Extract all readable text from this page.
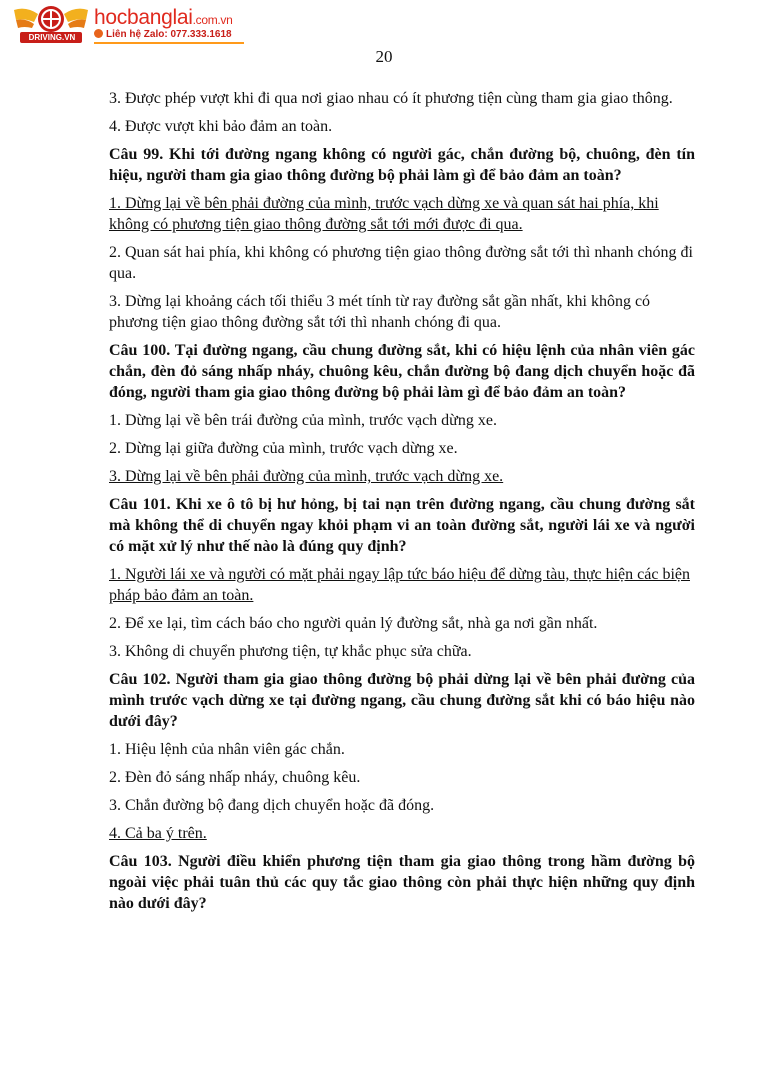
DRIVING.VN
hocbanglai.com.vn
Liên hệ Zalo: 077.333.1618
20

3. Được phép vượt khi đi qua nơi giao nhau có ít phương tiện cùng tham gia giao thông.

4. Được vượt khi bảo đảm an toàn.

Câu 99. Khi tới đường ngang không có người gác, chắn đường bộ, chuông, đèn tín hiệu, người tham gia giao thông đường bộ phải làm gì để bảo đảm an toàn?

1. Dừng lại về bên phải đường của mình, trước vạch dừng xe và quan sát hai phía, khi không có phương tiện giao thông đường sắt tới mới được đi qua.

2. Quan sát hai phía, khi không có phương tiện giao thông đường sắt tới thì nhanh chóng đi qua.

3. Dừng lại khoảng cách tối thiểu 3 mét tính từ ray đường sắt gần nhất, khi không có phương tiện giao thông đường sắt tới thì nhanh chóng đi qua.

Câu 100. Tại đường ngang, cầu chung đường sắt, khi có hiệu lệnh của nhân viên gác chắn, đèn đỏ sáng nhấp nháy, chuông kêu, chắn đường bộ đang dịch chuyển hoặc đã đóng, người tham gia giao thông đường bộ phải làm gì để bảo đảm an toàn?

1. Dừng lại về bên trái đường của mình, trước vạch dừng xe.

2. Dừng lại giữa đường của mình, trước vạch dừng xe.

3. Dừng lại về bên phải đường của mình, trước vạch dừng xe.

Câu 101. Khi xe ô tô bị hư hỏng, bị tai nạn trên đường ngang, cầu chung đường sắt mà không thể di chuyển ngay khỏi phạm vi an toàn đường sắt, người lái xe và người có mặt xử lý như thế nào là đúng quy định?

1. Người lái xe và người có mặt phải ngay lập tức báo hiệu để dừng tàu, thực hiện các biện pháp bảo đảm an toàn.

2. Để xe lại, tìm cách báo cho người quản lý đường sắt, nhà ga nơi gần nhất.

3. Không di chuyển phương tiện, tự khắc phục sửa chữa.

Câu 102. Người tham gia giao thông đường bộ phải dừng lại về bên phải đường của mình trước vạch dừng xe tại đường ngang, cầu chung đường sắt khi có báo hiệu nào dưới đây?

1. Hiệu lệnh của nhân viên gác chắn.

2. Đèn đỏ sáng nhấp nháy, chuông kêu.

3. Chắn đường bộ đang dịch chuyển hoặc đã đóng.

4. Cả ba ý trên.

Câu 103. Người điều khiển phương tiện tham gia giao thông trong hầm đường bộ ngoài việc phải tuân thủ các quy tắc giao thông còn phải thực hiện những quy định nào dưới đây?
